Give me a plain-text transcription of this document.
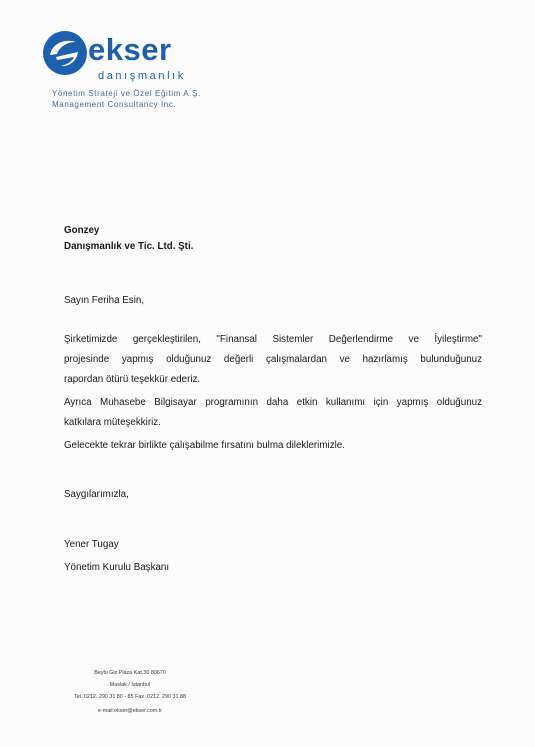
ekser
danışmanlık
Yönetim Strateji ve Özel Eğitim A.Ş.
Management Consultancy Inc.
Gonzey
Danışmanlık ve Tic. Ltd. Şti.
Sayın Feriha Esin,
Şirketimizde gerçekleştirilen, "Finansal Sistemler Değerlendirme ve İyileştirme"
projesinde yapmış olduğunuz değerli çalışmalardan ve hazırlamış bulunduğunuz
rapordan ötürü teşekkür ederiz.
Ayrıca Muhasebe Bilgisayar programının daha etkin kullanımı için yapmış olduğunuz
katkılara müteşekkiriz.
Gelecekte tekrar birlikte çalışabilme fırsatını bulma dileklerimizle.
Saygılarımızla,
Yener Tugay
Yönetim Kurulu Başkanı
Beybi Giz Plaza Kat.30 80670
Maslak / İstanbul
Tel. 0212. 290 31 80 - 85 Fax. 0212. 290 31 88
e-mail:ekser@ekser.com.tr
